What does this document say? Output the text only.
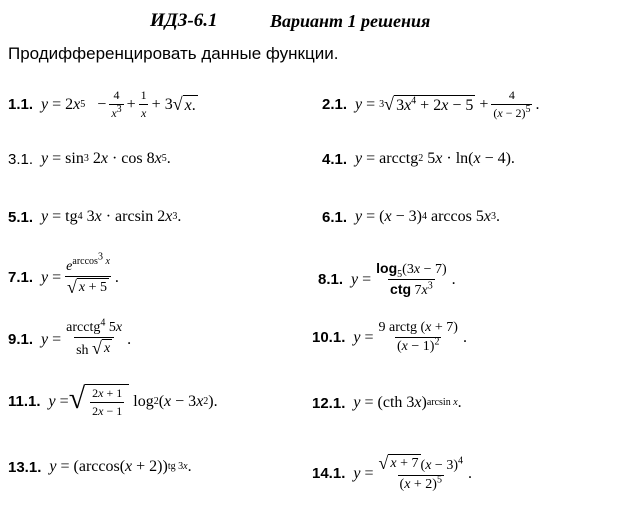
ИДЗ-6.1	Вариант 1 решения
Продифференцировать данные функции.
1.1. y = 2 x $5 - \frac{4}{x^3} + \frac{1}{x} + 3$ √ x.	2.1. y = 3 √ $3x^4 + 2x - 5 + \frac{4}{(x - 2)^5}$ .
3.1. y = sin 3 2 x · cos 8 x 5 .	4.1. y = arcctg 2 5 x · ln( x − 4).
5.1. y = tg 4 3 x · arcsin 2 x 3 .	6.1. y = ( x − 3) 4 arccos 5 x 3 .
7.1. $y = \frac{e^{arccos^3 x}}{√ x + 5}$ .	8.1. $y = \frac{\log_5(3x - 7)}{ctg 7x^3}$ .
9.1. $y = \frac{arcctg^4 5x}{sh √ x}$ .	10.1. $y = \frac{\text{9 arctg (x + 7)}}{(x - 1)^2}$ .
11.1. y = √ $\frac{2x + 1}{2x - 1}$ log 2 ( x − 3 x 2 ).	12.1. y = (cth 3 x ) arcsin x .
13.1. y = (arccos( x + 2)) tg 3x .	14.1. $y = \frac{√ x + 7 (x - 3)^4}{(x + 2)^5}$ .
